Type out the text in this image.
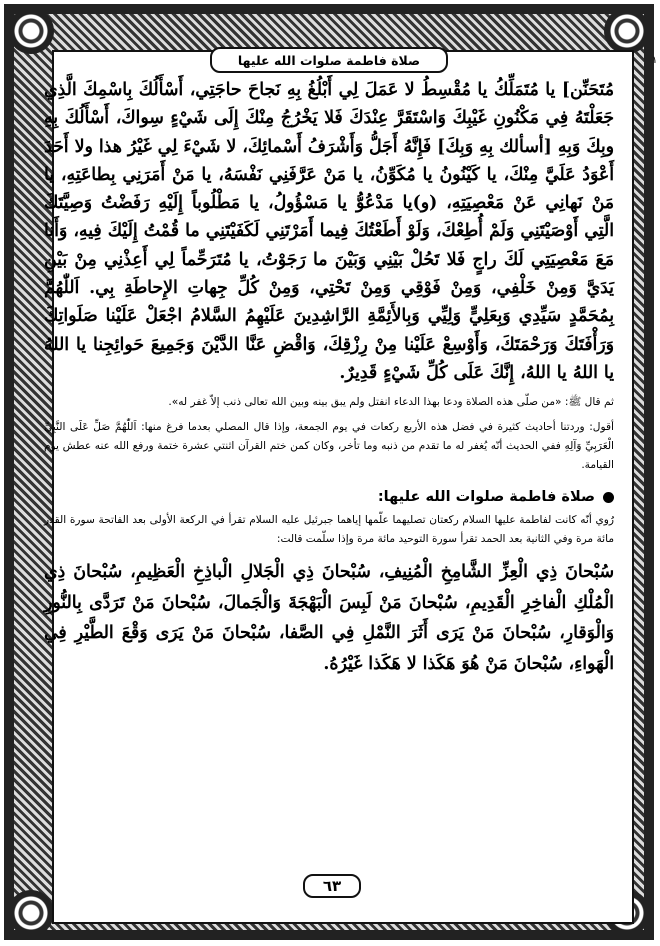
۱
صلاة فاطمة صلوات الله عليها

مُتَحَنِّن] يا مُتَمَلِّكُ يا مُقْسِطُ لا عَمَلَ لِي أَبْلُغُ بِهِ نَجاحَ حاجَتِي، أَسْأَلُكَ بِاسْمِكَ الَّذِي جَعَلْتَهُ فِي مَكْنُونِ غَيْبِكَ وَاسْتَقَرَّ عِنْدَكَ فَلا يَخْرُجُ مِنْكَ إِلَى شَيْءٍ سِواكَ، أَسْأَلُكَ بِهِ وبِكَ وَبِهِ [أسألك بِهِ وَبِكَ] فَإِنَّهُ أَجَلُّ وَأَشْرَفُ أَسْمائِكَ، لا شَيْءَ لِي غَيْرُ هذا ولا أَحَدَ أَعْوَدُ عَلَيَّ مِنْكَ، يا كَيْنُونُ يا مُكَوِّنُ، يا مَنْ عَرَّفَنِي نَفْسَهُ، يا مَنْ أَمَرَنِي بِطاعَتِهِ، يا مَنْ نَهانِي عَنْ مَعْصِيَتِهِ، (و)يا مَدْعُوُّ يا مَسْؤُولُ، يا مَطْلُوباً إِلَيْهِ رَفَضْتُ وَصِيَّتَكَ الَّتِي أَوْصَيْتَنِي وَلَمْ أُطِعْكَ، وَلَوْ أَطَعْتُكَ فِيما أَمَرْتَنِي لَكَفَيْتَنِي ما قُمْتُ إِلَيْكَ فِيهِ، وَأَنا مَعَ مَعْصِيَتِي لَكَ راجٍ فَلا تَحُلْ بَيْنِي وَبَيْنَ ما رَجَوْتُ، يا مُتَرَحِّماً لِي أَعِذْنِي مِنْ بَيْنِ يَدَيَّ وَمِنْ خَلْفِي، وَمِنْ فَوْقِي وَمِنْ تَحْتِي، وَمِنْ كُلِّ جِهاتِ الإِحاطَةِ بِي. اَللّٰهُمَّ بِمُحَمَّدٍ سَيِّدِي وَبِعَلِيٍّ وَلِيِّي وَبِالأَئِمَّةِ الرَّاشِدِينَ عَلَيْهِمُ السَّلامُ اجْعَلْ عَلَيْنا صَلَواتِكَ وَرَأْفَتَكَ وَرَحْمَتَكَ، وَأَوْسِعْ عَلَيْنا مِنْ رِزْقِكَ، وَاقْضِ عَنَّا الدَّيْنَ وَجَمِيعَ حَوائِجِنا يا اللهُ يا اللهُ يا اللهُ، إِنَّكَ عَلَى كُلِّ شَيْءٍ قَدِيرٌ.

ثم قال ﷺ: «من صلّى هذه الصلاة ودعا بهذا الدعاء انفتل ولم يبق بينه وبين الله تعالى ذنب إلاّ غفر له».

أقول: وردتنا أحاديث كثيرة في فضل هذه الأربع ركعات في يوم الجمعة، وإذا قال المصلي بعدما فرغ منها: اَللّٰهُمَّ صَلِّ عَلَى النَّبِيِّ الْعَرَبِيِّ وَآلِهِ ففي الحديث أنّه يُغفر له ما تقدم من ذنبه وما تأخر، وكان كمن ختم القرآن اثنتي عشرة ختمة ورفع الله عنه عطش يوم القيامة.

صلاة فاطمة صلوات الله عليها:

رُوي أنّه كانت لفاطمة عليها السلام ركعتان تصليهما علّمها إياهما جبرئيل عليه السلام تقرأ في الركعة الأولى بعد الفاتحة سورة القدر مائة مرة وفي الثانية بعد الحمد تقرأ سورة التوحيد مائة مرة وإذا سلّمت قالت:

سُبْحانَ ذِي الْعِزِّ الشَّامِخِ الْمُنِيفِ، سُبْحانَ ذِي الْجَلالِ الْباذِخِ الْعَظِيمِ، سُبْحانَ ذِي الْمُلْكِ الْفاخِرِ الْقَدِيمِ، سُبْحانَ مَنْ لَبِسَ الْبَهْجَةَ وَالْجَمالَ، سُبْحانَ مَنْ تَرَدَّى بِالنُّورِ وَالْوَقارِ، سُبْحانَ مَنْ يَرَى أَثَرَ النَّمْلِ فِي الصَّفا، سُبْحانَ مَنْ يَرَى وَقْعَ الطَّيْرِ فِي الْهَواءِ، سُبْحانَ مَنْ هُوَ هَكَذا لا هَكَذا غَيْرُهُ.

٦٣
